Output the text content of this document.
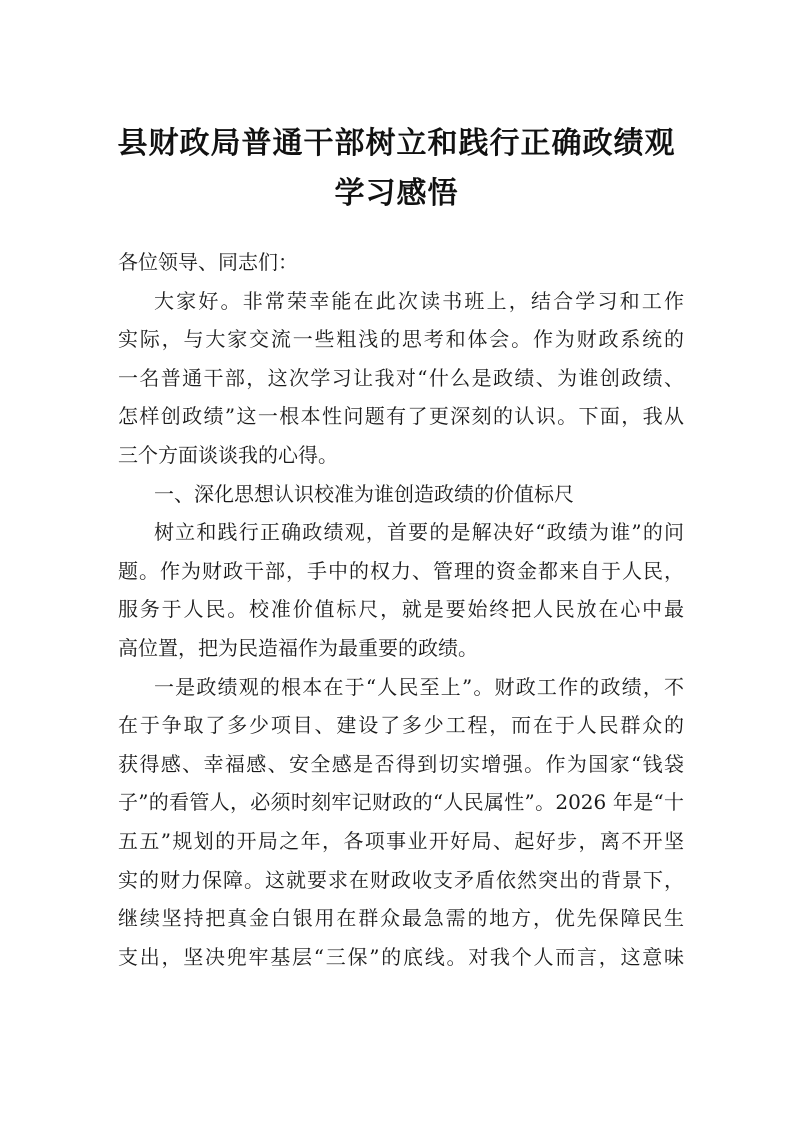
县财政局普通干部树立和践行正确政绩观
学习感悟
各位领导、同志们：
大家好。非常荣幸能在此次读书班上，结合学习和工作
实际，与大家交流一些粗浅的思考和体会。作为财政系统的
一名普通干部，这次学习让我对“什么是政绩、为谁创政绩、
怎样创政绩”这一根本性问题有了更深刻的认识。下面，我从
三个方面谈谈我的心得。
一、深化思想认识校准为谁创造政绩的价值标尺
树立和践行正确政绩观，首要的是解决好“政绩为谁”的问
题。作为财政干部，手中的权力、管理的资金都来自于人民，
服务于人民。校准价值标尺，就是要始终把人民放在心中最
高位置，把为民造福作为最重要的政绩。
一是政绩观的根本在于“人民至上”。财政工作的政绩，不
在于争取了多少项目、建设了多少工程，而在于人民群众的
获得感、幸福感、安全感是否得到切实增强。作为国家“钱袋
子”的看管人，必须时刻牢记财政的“人民属性”。2026 年是“十
五五”规划的开局之年，各项事业开好局、起好步，离不开坚
实的财力保障。这就要求在财政收支矛盾依然突出的背景下，
继续坚持把真金白银用在群众最急需的地方，优先保障民生
支出，坚决兜牢基层“三保”的底线。对我个人而言，这意味
